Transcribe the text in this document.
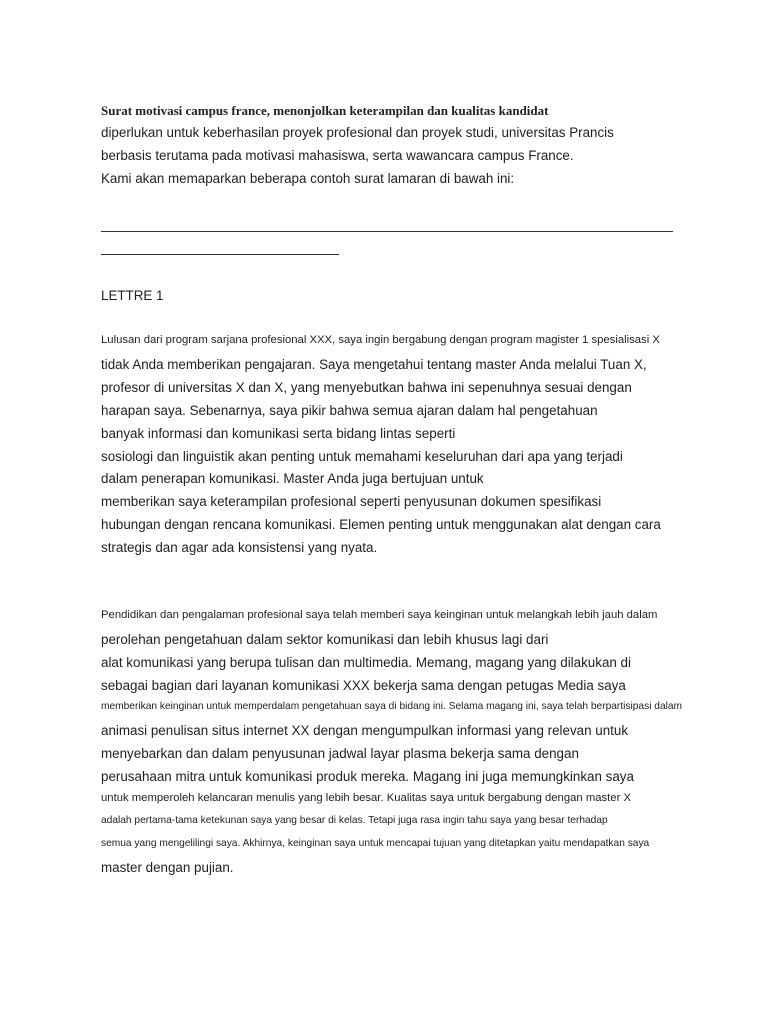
Surat motivasi campus france, menonjolkan keterampilan dan kualitas kandidat
diperlukan untuk keberhasilan proyek profesional dan proyek studi, universitas Prancis
berbasis terutama pada motivasi mahasiswa, serta wawancara campus France.
Kami akan memaparkan beberapa contoh surat lamaran di bawah ini:
LETTRE 1
Lulusan dari program sarjana profesional XXX, saya ingin bergabung dengan program magister 1 spesialisasi X
tidak Anda memberikan pengajaran. Saya mengetahui tentang master Anda melalui Tuan X,
profesor di universitas X dan X, yang menyebutkan bahwa ini sepenuhnya sesuai dengan
harapan saya. Sebenarnya, saya pikir bahwa semua ajaran dalam hal pengetahuan
banyak informasi dan komunikasi serta bidang lintas seperti
sosiologi dan linguistik akan penting untuk memahami keseluruhan dari apa yang terjadi
dalam penerapan komunikasi. Master Anda juga bertujuan untuk
memberikan saya keterampilan profesional seperti penyusunan dokumen spesifikasi
hubungan dengan rencana komunikasi. Elemen penting untuk menggunakan alat dengan cara
strategis dan agar ada konsistensi yang nyata.
Pendidikan dan pengalaman profesional saya telah memberi saya keinginan untuk melangkah lebih jauh dalam
perolehan pengetahuan dalam sektor komunikasi dan lebih khusus lagi dari
alat komunikasi yang berupa tulisan dan multimedia. Memang, magang yang dilakukan di
sebagai bagian dari layanan komunikasi XXX bekerja sama dengan petugas Media saya
memberikan keinginan untuk memperdalam pengetahuan saya di bidang ini. Selama magang ini, saya telah berpartisipasi dalam
animasi penulisan situs internet XX dengan mengumpulkan informasi yang relevan untuk
menyebarkan dan dalam penyusunan jadwal layar plasma bekerja sama dengan
perusahaan mitra untuk komunikasi produk mereka. Magang ini juga memungkinkan saya
untuk memperoleh kelancaran menulis yang lebih besar. Kualitas saya untuk bergabung dengan master X
adalah pertama-tama ketekunan saya yang besar di kelas. Tetapi juga rasa ingin tahu saya yang besar terhadap
semua yang mengelilingi saya. Akhirnya, keinginan saya untuk mencapai tujuan yang ditetapkan yaitu mendapatkan saya
master dengan pujian.
